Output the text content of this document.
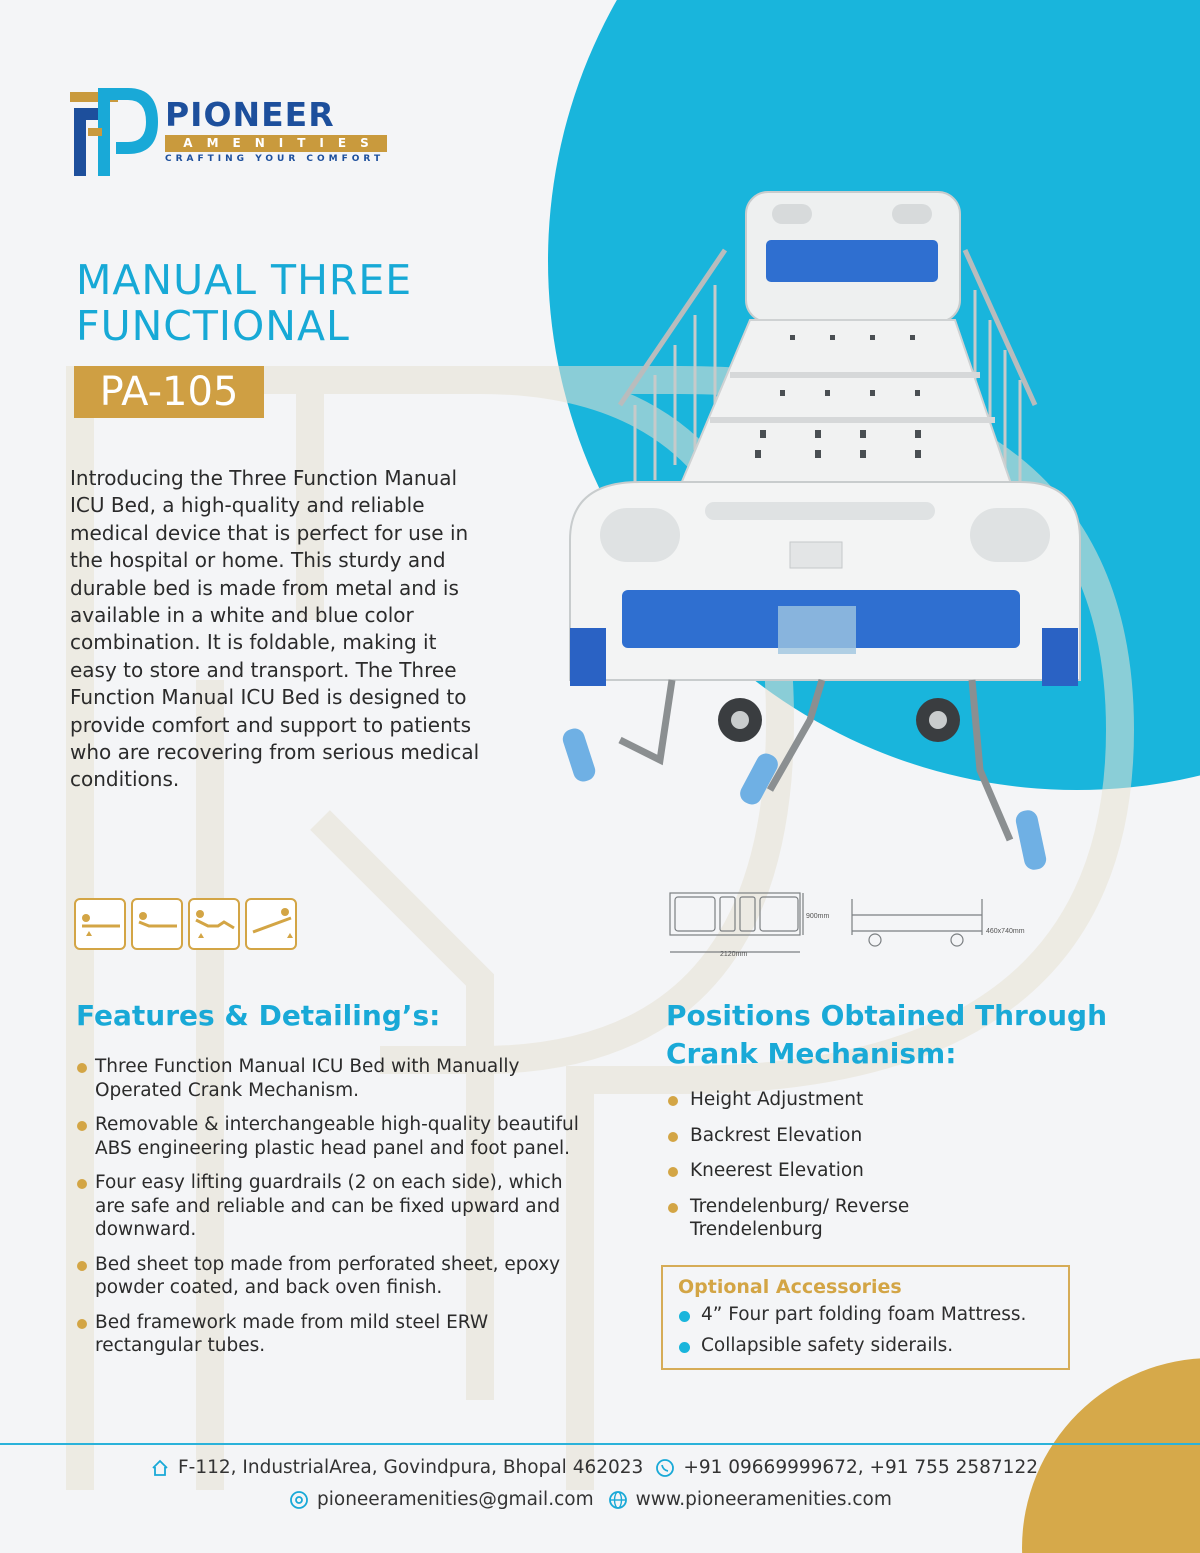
PIONEER
AMENITIES
CRAFTING YOUR COMFORT
MANUAL THREE
FUNCTIONAL
PA-105

Introducing the Three Function Manual ICU Bed, a high-quality and reliable medical device that is perfect for use in the hospital or home. This sturdy and durable bed is made from metal and is available in a white and blue color combination. It is foldable, making it easy to store and transport. The Three Function Manual ICU Bed is designed to provide comfort and support to patients who are recovering from serious medical conditions.

900mm
2120mm
460x740mm
Features & Detailing’s:
Three Function Manual ICU Bed with Manually Operated Crank Mechanism.
Removable & interchangeable high-quality beautiful ABS engineering plastic head panel and foot panel.
Four easy lifting guardrails (2 on each side), which are safe and reliable and can be fixed upward and downward.
Bed sheet top made from perforated sheet, epoxy powder coated, and back oven finish.
Bed framework made from mild steel ERW rectangular tubes.
Positions Obtained Through
Crank Mechanism:
Height Adjustment
Backrest Elevation
Kneerest Elevation
Trendelenburg/ Reverse Trendelenburg
Optional Accessories
4” Four part folding foam Mattress.
Collapsible safety siderails.
F-112, IndustrialArea, Govindpura, Bhopal 462023 +91 09669999672, +91 755 2587122
pioneeramenities@gmail.com www.pioneeramenities.com
